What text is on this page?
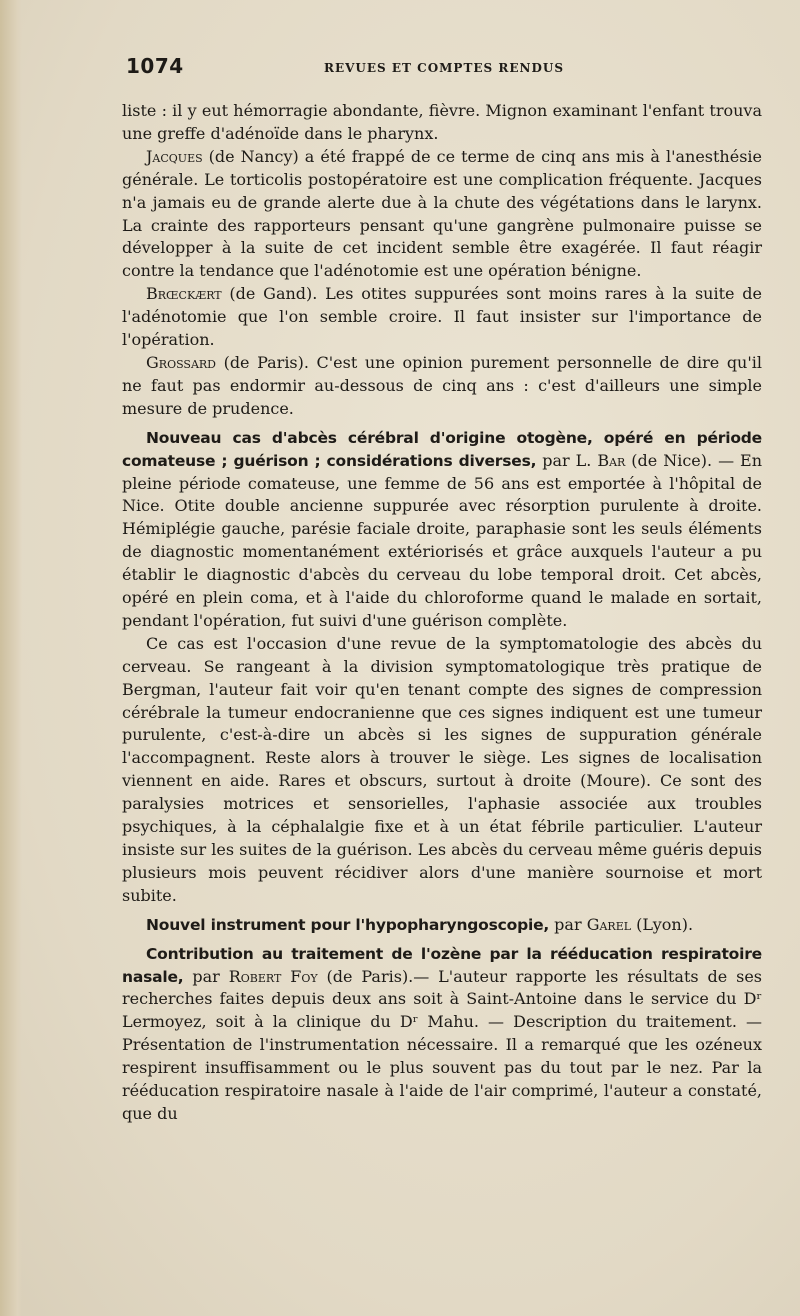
1074	REVUES ET COMPTES RENDUS

liste : il y eut hémorragie abondante, fièvre. Mignon examinant l'enfant trouva une greffe d'adénoïde dans le pharynx.

Jacques (de Nancy) a été frappé de ce terme de cinq ans mis à l'anesthésie générale. Le torticolis postopératoire est une complication fréquente. Jacques n'a jamais eu de grande alerte due à la chute des végétations dans le larynx. La crainte des rapporteurs pensant qu'une gangrène pulmonaire puisse se développer à la suite de cet incident semble être exagérée. Il faut réagir contre la tendance que l'adénotomie est une opération bénigne.

Brœckært (de Gand). Les otites suppurées sont moins rares à la suite de l'adénotomie que l'on semble croire. Il faut insister sur l'importance de l'opération.

Grossard (de Paris). C'est une opinion purement personnelle de dire qu'il ne faut pas endormir au-dessous de cinq ans : c'est d'ailleurs une simple mesure de prudence.

Nouveau cas d'abcès cérébral d'origine otogène, opéré en période comateuse ; guérison ; considérations diverses, par L. Bar (de Nice). — En pleine période comateuse, une femme de 56 ans est emportée à l'hôpital de Nice. Otite double ancienne suppurée avec résorption purulente à droite. Hémiplégie gauche, parésie faciale droite, paraphasie sont les seuls éléments de diagnostic momentanément extériorisés et grâce auxquels l'auteur a pu établir le diagnostic d'abcès du cerveau du lobe temporal droit. Cet abcès, opéré en plein coma, et à l'aide du chloroforme quand le malade en sortait, pendant l'opération, fut suivi d'une guérison complète.

Ce cas est l'occasion d'une revue de la symptomatologie des abcès du cerveau. Se rangeant à la division symptomatologique très pratique de Bergman, l'auteur fait voir qu'en tenant compte des signes de compression cérébrale la tumeur endocranienne que ces signes indiquent est une tumeur purulente, c'est-à-dire un abcès si les signes de suppuration générale l'accompagnent. Reste alors à trouver le siège. Les signes de localisation viennent en aide. Rares et obscurs, surtout à droite (Moure). Ce sont des paralysies motrices et sensorielles, l'aphasie associée aux troubles psychiques, à la céphalalgie fixe et à un état fébrile particulier. L'auteur insiste sur les suites de la guérison. Les abcès du cerveau même guéris depuis plusieurs mois peuvent récidiver alors d'une manière sournoise et mort subite.

Nouvel instrument pour l'hypopharyngoscopie, par Garel (Lyon).

Contribution au traitement de l'ozène par la rééducation respiratoire nasale, par Robert Foy (de Paris).— L'auteur rapporte les résultats de ses recherches faites depuis deux ans soit à Saint-Antoine dans le service du Dʳ Lermoyez, soit à la clinique du Dʳ Mahu. — Description du traitement. — Présentation de l'instrumentation nécessaire. Il a remarqué que les ozéneux respirent insuffisamment ou le plus souvent pas du tout par le nez. Par la rééducation respiratoire nasale à l'aide de l'air comprimé, l'auteur a constaté, que du
